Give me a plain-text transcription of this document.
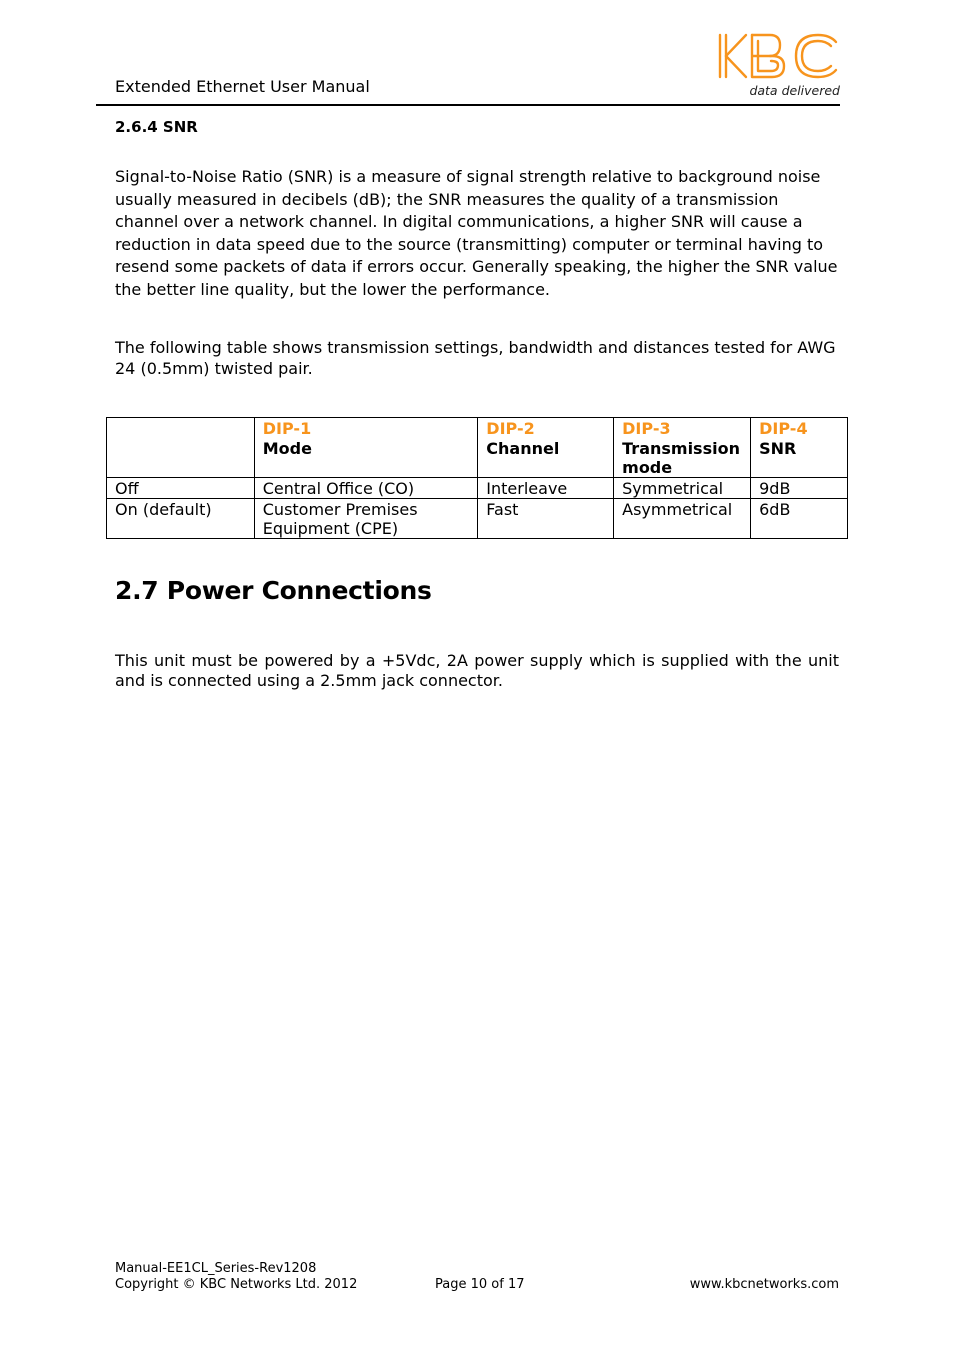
Extended Ethernet User Manual	data delivered
2.6.4 SNR
Signal-to-Noise Ratio (SNR) is a measure of signal strength relative to background noise usually measured in decibels (dB); the SNR measures the quality of a transmission channel over a network channel. In digital communications, a higher SNR will cause a reduction in data speed due to the source (transmitting) computer or terminal having to resend some packets of data if errors occur. Generally speaking, the higher the SNR value the better line quality, but the lower the performance.
The following table shows transmission settings, bandwidth and distances tested for AWG 24 (0.5mm) twisted pair.
	DIP-1	DIP-2	DIP-3	DIP-4
	Mode	Channel	Transmission mode	SNR
Off	Central Office (CO)	Interleave	Symmetrical	9dB
On (default)	Customer Premises Equipment (CPE)	Fast	Asymmetrical	6dB
2.7 Power Connections
This unit must be powered by a +5Vdc, 2A power supply which is supplied with the unit and is connected using a 2.5mm jack connector.
Manual-EE1CL_Series-Rev1208
Copyright © KBC Networks Ltd. 2012	Page 10 of 17	www.kbcnetworks.com
